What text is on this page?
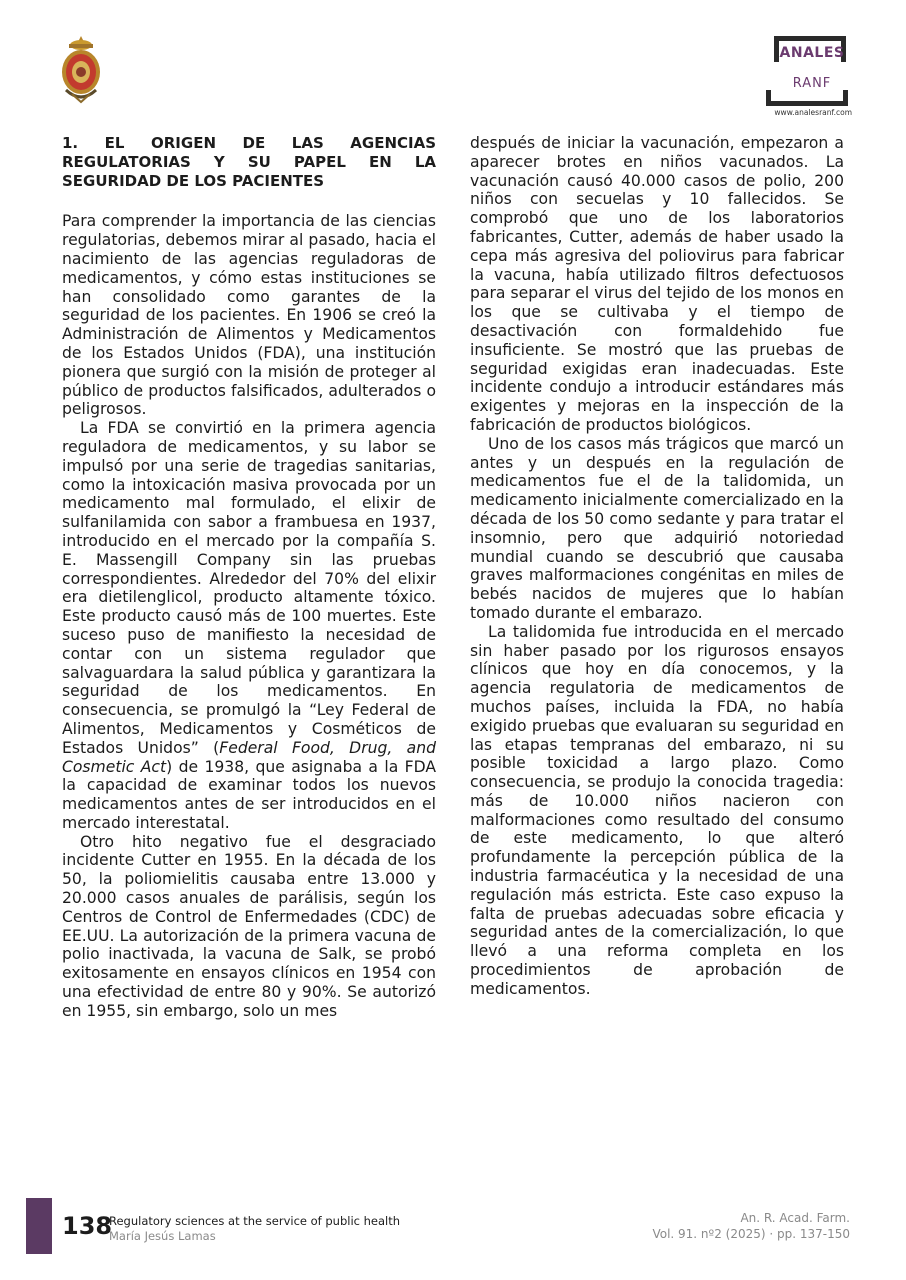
ANALES
RANF
www.analesranf.com
1. EL ORIGEN DE LAS AGENCIAS REGULATORIAS Y SU PAPEL EN LA SEGURIDAD DE LOS PACIENTES

Para comprender la importancia de las ciencias regulatorias, debemos mirar al pasado, hacia el nacimiento de las agencias reguladoras de medicamentos, y cómo estas instituciones se han consolidado como garantes de la seguridad de los pacientes. En 1906 se creó la Administración de Alimentos y Medicamentos de los Estados Unidos (FDA), una institución pionera que surgió con la misión de proteger al público de productos falsificados, adulterados o peligrosos.

La FDA se convirtió en la primera agencia reguladora de medicamentos, y su labor se impulsó por una serie de tragedias sanitarias, como la intoxicación masiva provocada por un medicamento mal formulado, el elixir de sulfanilamida con sabor a frambuesa en 1937, introducido en el mercado por la compañía S. E. Massengill Company sin las pruebas correspondientes. Alrededor del 70% del elixir era dietilenglicol, producto altamente tóxico. Este producto causó más de 100 muertes. Este suceso puso de manifiesto la necesidad de contar con un sistema regulador que salvaguardara la salud pública y garantizara la seguridad de los medicamentos. En consecuencia, se promulgó la “Ley Federal de Alimentos, Medicamentos y Cosméticos de Estados Unidos” (Federal Food, Drug, and Cosmetic Act) de 1938, que asignaba a la FDA la capacidad de examinar todos los nuevos medicamentos antes de ser introducidos en el mercado interestatal.

Otro hito negativo fue el desgraciado incidente Cutter en 1955. En la década de los 50, la poliomielitis causaba entre 13.000 y 20.000 casos anuales de parálisis, según los Centros de Control de Enfermedades (CDC) de EE.UU. La autorización de la primera vacuna de polio inactivada, la vacuna de Salk, se probó exitosamente en ensayos clínicos en 1954 con una efectividad de entre 80 y 90%. Se autorizó en 1955, sin embargo, solo un mes

después de iniciar la vacunación, empezaron a aparecer brotes en niños vacunados. La vacunación causó 40.000 casos de polio, 200 niños con secuelas y 10 fallecidos. Se comprobó que uno de los laboratorios fabricantes, Cutter, además de haber usado la cepa más agresiva del poliovirus para fabricar la vacuna, había utilizado filtros defectuosos para separar el virus del tejido de los monos en los que se cultivaba y el tiempo de desactivación con formaldehido fue insuficiente. Se mostró que las pruebas de seguridad exigidas eran inadecuadas. Este incidente condujo a introducir estándares más exigentes y mejoras en la inspección de la fabricación de productos biológicos.

Uno de los casos más trágicos que marcó un antes y un después en la regulación de medicamentos fue el de la talidomida, un medicamento inicialmente comercializado en la década de los 50 como sedante y para tratar el insomnio, pero que adquirió notoriedad mundial cuando se descubrió que causaba graves malformaciones congénitas en miles de bebés nacidos de mujeres que lo habían tomado durante el embarazo.

La talidomida fue introducida en el mercado sin haber pasado por los rigurosos ensayos clínicos que hoy en día conocemos, y la agencia regulatoria de medicamentos de muchos países, incluida la FDA, no había exigido pruebas que evaluaran su seguridad en las etapas tempranas del embarazo, ni su posible toxicidad a largo plazo. Como consecuencia, se produjo la conocida tragedia: más de 10.000 niños nacieron con malformaciones como resultado del consumo de este medicamento, lo que alteró profundamente la percepción pública de la industria farmacéutica y la necesidad de una regulación más estricta. Este caso expuso la falta de pruebas adecuadas sobre eficacia y seguridad antes de la comercialización, lo que llevó a una reforma completa en los procedimientos de aprobación de medicamentos.

138
Regulatory sciences at the service of public health
María Jesús Lamas
An. R. Acad. Farm.
Vol. 91. nº2 (2025) · pp. 137-150
